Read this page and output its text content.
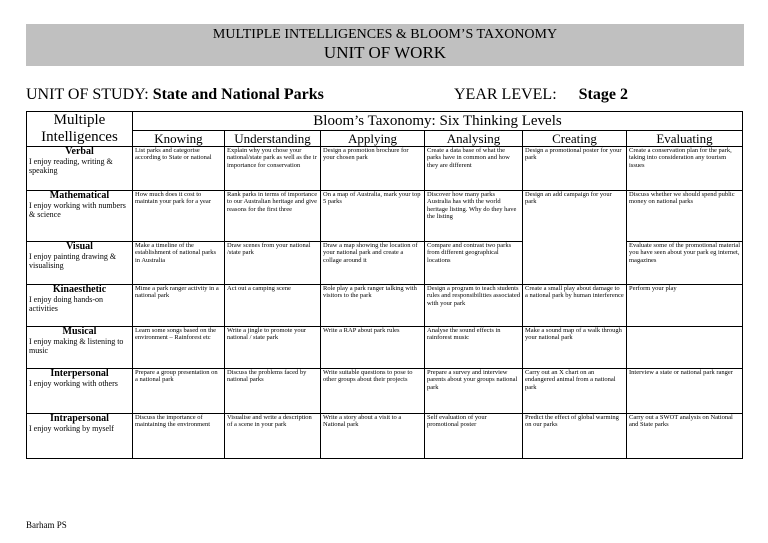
MULTIPLE INTELLIGENCES & BLOOM’S TAXONOMY
UNIT OF WORK
UNIT OF STUDY: State and National Parks	YEAR LEVEL: Stage 2
Multiple Intelligences	Bloom’s Taxonomy: Six Thinking Levels					
	Knowing	Understanding	Applying	Analysing	Creating	Evaluating

Verbal
I enjoy reading, writing & speaking	List parks and categorise according to State or national	Explain why you chose your national/state park as well as the ir importance for conservation	Design a promotion brochure for your chosen park	Create a data base of what the parks have in common and how they are different	Design a promotional poster for your park	Create a conservation plan for the park, taking into consideration any tourism issues

Mathematical
I enjoy working with numbers & science	How much does it cost to maintain your park for a year	Rank parks in terms of importance to our Australian heritage and give reasons for the first three	On a map of Australia, mark your top 5 parks	Discover how many parks Australia has with the world heritage listing. Why do they have the listing	Design an add campaign for your park	Discuss whether we should spend public money on national parks

Visual
I enjoy painting drawing & visualising	Make a timeline of the establishment of national parks in Australia	Draw scenes from your national /state park	Draw a map showing the location of your national park and create a collage around it	Compare and contrast two parks from different geographical locations		Evaluate some of the promotional material you have seen about your park eg internet, magazines

Kinaesthetic
I enjoy doing hands-on activities	Mime a park ranger activity in a national park	Act out a camping scene	Role play a park ranger talking with visitors to the park	Design a program to teach students rules and responsibilities associated with your park	Create a small play about damage to a national park by human interference	Perform your play

Musical
I enjoy making & listening to music	Learn some songs based on the environment – Rainforest etc	Write a jingle to promote your national / state park	Write a RAP about park rules	Analyse the sound effects in rainforest music	Make a sound map of a walk through your national park	

Interpersonal
I enjoy working with others	Prepare a group presentation on a national park	Discuss the problems faced by national parks	Write suitable questions to pose to other groups about their projects	Prepare a survey and interview parents about your groups national park	Carry out an X chart on an endangered animal from a national park	Interview a state or national park ranger

Intrapersonal
I enjoy working by myself	Discuss the importance of maintaining the environment	Visualise and write a description of a scene in your park	Write a story about a visit to a National park	Self evaluation of your promotional poster	Predict the effect of global warming on our parks	Carry out a SWOT analysis on National and State parks
Barham PS
